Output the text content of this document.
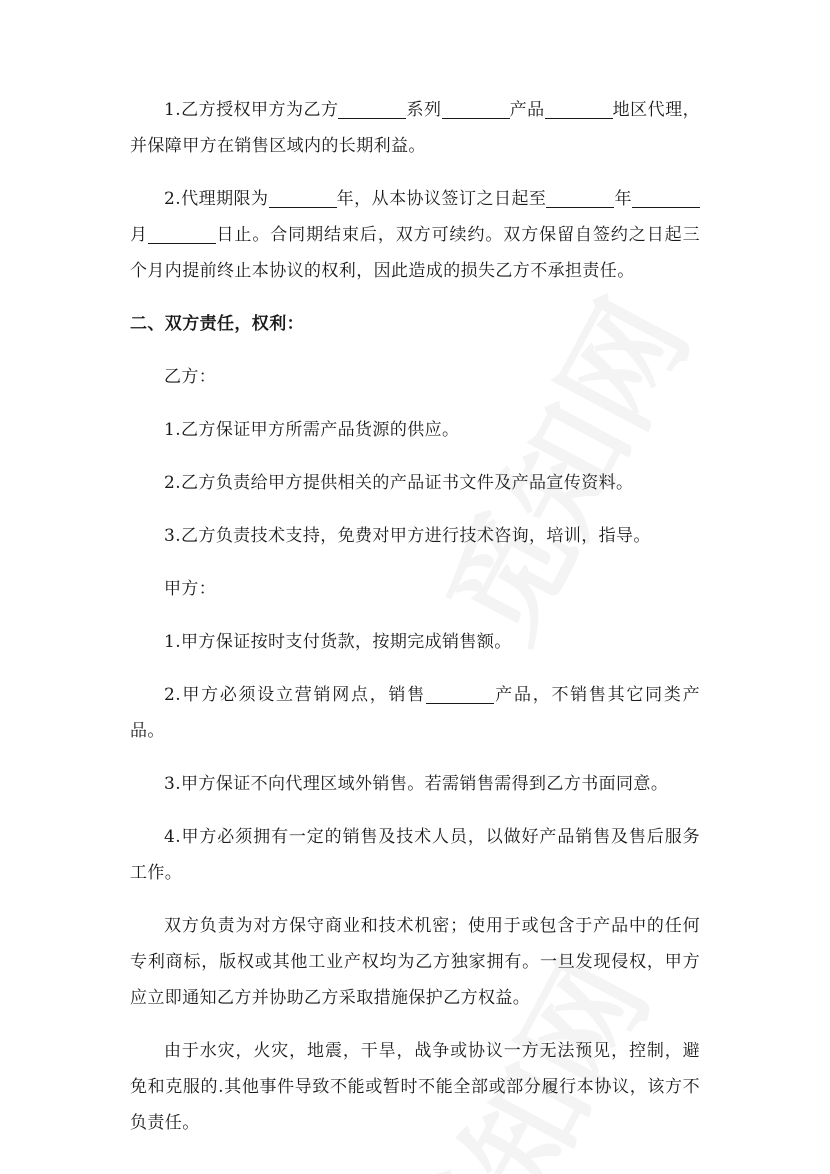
1.乙方授权甲方为乙方	系列	产品	地区代理，并保障甲方在销售区域内的长期利益。

2.代理期限为	年，从本协议签订之日起至	年月	日止。合同期结束后，双方可续约。双方保留自签约之日起三个月内提前终止本协议的权利，因此造成的损失乙方不承担责任。

二、双方责任，权利：

乙方：

1.乙方保证甲方所需产品货源的供应。

2.乙方负责给甲方提供相关的产品证书文件及产品宣传资料。

3.乙方负责技术支持，免费对甲方进行技术咨询，培训，指导。

甲方：

1.甲方保证按时支付货款，按期完成销售额。

2.甲方必须设立营销网点，销售	产品，不销售其它同类产品。

3.甲方保证不向代理区域外销售。若需销售需得到乙方书面同意。

4.甲方必须拥有一定的销售及技术人员，以做好产品销售及售后服务工作。

双方负责为对方保守商业和技术机密；使用于或包含于产品中的任何专利商标，版权或其他工业产权均为乙方独家拥有。一旦发现侵权，甲方应立即通知乙方并协助乙方采取措施保护乙方权益。

由于水灾，火灾，地震，干旱，战争或协议一方无法预见，控制，避免和克服的.其他事件导致不能或暂时不能全部或部分履行本协议，该方不负责任。
